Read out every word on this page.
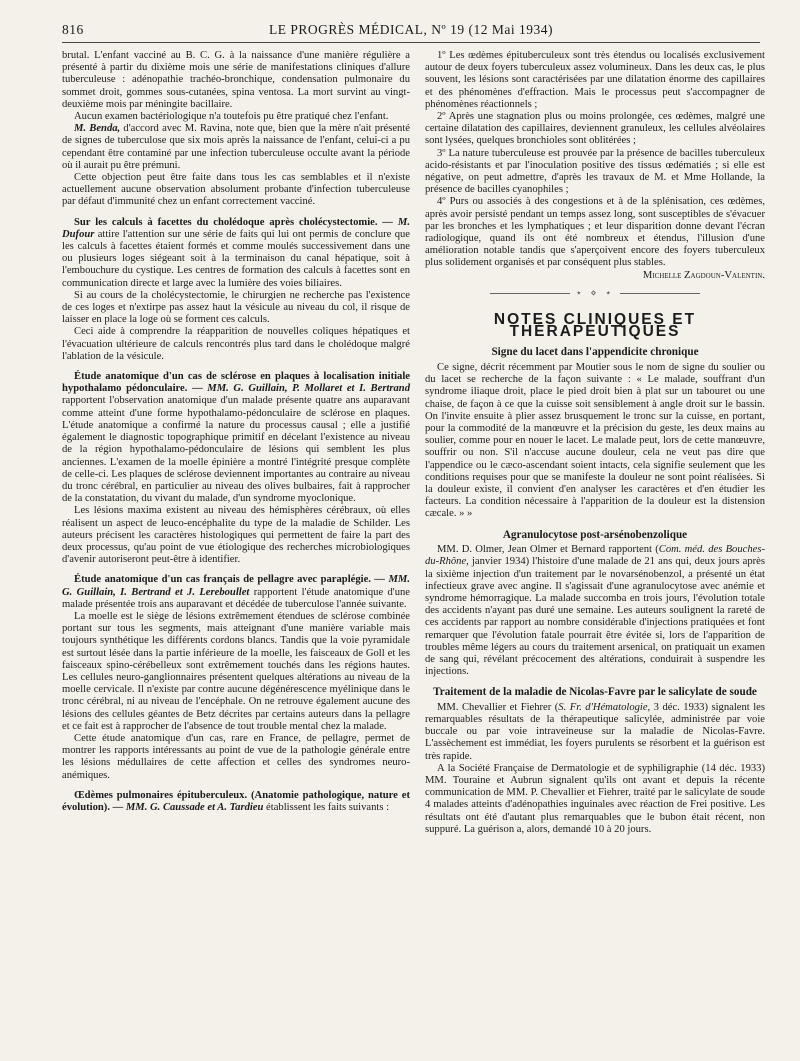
816	LE PROGRÈS MÉDICAL, Nº 19 (12 Mai 1934)

brutal. L'enfant vacciné au B. C. G. à la naissance d'une manière régulière a présenté à partir du dixième mois une série de manifestations cliniques d'allure tuberculeuse : adénopathie trachéo-bronchique, condensation pulmonaire du sommet droit, gommes sous-cutanées, spina ventosa. La mort survint au vingt-deuxième mois par méningite bacillaire.

Aucun examen bactériologique n'a toutefois pu être pratiqué chez l'enfant.

M. Benda, d'accord avec M. Ravina, note que, bien que la mère n'ait présenté de signes de tuberculose que six mois après la naissance de l'enfant, celui-ci a pu cependant être contaminé par une infection tuberculeuse occulte avant la période où il aurait pu être prémuni.

Cette objection peut être faite dans tous les cas semblables et il n'existe actuellement aucune observation absolument probante d'infection tuberculeuse par défaut d'immunité chez un enfant correctement vacciné.

Sur les calculs à facettes du cholédoque après cholécystectomie. — M. Dufour attire l'attention sur une série de faits qui lui ont permis de conclure que les calculs à facettes étaient formés et comme moulés successivement dans une ou plusieurs loges siégeant soit à la terminaison du canal hépatique, soit à l'embouchure du cystique. Les centres de formation des calculs à facettes sont en communication directe et large avec la lumière des voies biliaires.

Si au cours de la cholécystectomie, le chirurgien ne recherche pas l'existence de ces loges et n'extirpe pas assez haut la vésicule au niveau du col, il risque de laisser en place la loge où se forment ces calculs.

Ceci aide à comprendre la réapparition de nouvelles coliques hépatiques et l'évacuation ultérieure de calculs rencontrés plus tard dans le cholédoque malgré l'ablation de la vésicule.

Étude anatomique d'un cas de sclérose en plaques à localisation initiale hypothalamo pédonculaire. — MM. G. Guillain, P. Mollaret et I. Bertrand rapportent l'observation anatomique d'un malade présente quatre ans auparavant comme atteint d'une forme hypothalamo-pédonculaire de sclérose en plaques. L'étude anatomique a confirmé la nature du processus causal ; elle a justifié également le diagnostic topographique primitif en décelant l'existence au niveau de la région hypothalamo-pédonculaire de lésions qui semblent les plus anciennes. L'examen de la moelle épinière a montré l'intégrité presque complète de celle-ci. Les plaques de sclérose deviennent importantes au contraire au niveau du tronc cérébral, en particulier au niveau des olives bulbaires, fait à rapprocher de la constatation, du vivant du malade, d'un syndrome myoclonique.

Les lésions maxima existent au niveau des hémisphères cérébraux, où elles réalisent un aspect de leuco-encéphalite du type de la maladie de Schilder. Les auteurs précisent les caractères histologiques qui permettent de faire la part des deux processus, qu'au point de vue étiologique des recherches microbiologiques d'avenir autoriseront peut-être à identifier.

Étude anatomique d'un cas français de pellagre avec paraplégie. — MM. G. Guillain, I. Bertrand et J. Lereboullet rapportent l'étude anatomique d'une malade présentée trois ans auparavant et décédée de tuberculose l'année suivante.

La moelle est le siège de lésions extrêmement étendues de sclérose combinée portant sur tous les segments, mais atteignant d'une manière variable mais toujours synthétique les différents cordons blancs. Tandis que la voie pyramidale est surtout lésée dans la partie inférieure de la moelle, les faisceaux de Goll et les faisceaux spino-cérébelleux sont extrêmement touchés dans les régions hautes. Les cellules neuro-ganglionnaires présentent quelques altérations au niveau de la moelle cervicale. Il n'existe par contre aucune dégénérescence myélinique dans le tronc cérébral, ni au niveau de l'encéphale. On ne retrouve également aucune des lésions des cellules géantes de Betz décrites par certains auteurs dans la pellagre et ce fait est à rapprocher de l'absence de tout trouble mental chez la malade.

Cette étude anatomique d'un cas, rare en France, de pellagre, permet de montrer les rapports intéressants au point de vue de la pathologie générale entre les lésions médullaires de cette affection et celles des syndromes neuro-anémiques.

Œdèmes pulmonaires épituberculeux. (Anatomie pathologique, nature et évolution). — MM. G. Caussade et A. Tardieu établissent les faits suivants :

1º Les œdèmes épituberculeux sont très étendus ou localisés exclusivement autour de deux foyers tuberculeux assez volumineux. Dans les deux cas, le plus souvent, les lésions sont caractérisées par une dilatation énorme des capillaires et des phénomènes d'effraction. Mais le processus peut s'accompagner de phénomènes réactionnels ;

2º Après une stagnation plus ou moins prolongée, ces œdèmes, malgré une certaine dilatation des capillaires, deviennent granuleux, les cellules alvéolaires sont lysées, quelques bronchioles sont oblitérées ;

3º La nature tuberculeuse est prouvée par la présence de bacilles tuberculeux acido-résistants et par l'inoculation positive des tissus œdématiés ; si elle est négative, on peut admettre, d'après les travaux de M. et Mme Hollande, la présence de bacilles cyanophiles ;

4º Purs ou associés à des congestions et à de la splénisation, ces œdèmes, après avoir persisté pendant un temps assez long, sont susceptibles de s'évacuer par les bronches et les lymphatiques ; et leur disparition donne devant l'écran radiologique, quand ils ont été nombreux et étendus, l'illusion d'une amélioration notable tandis que s'aperçoivent encore des foyers tuberculeux plus solidement organisés et par conséquent plus stables.

Michelle Zagdoun-Valentin.

⋆ ⋄ ⋆
NOTES CLINIQUES ET THÉRAPEUTIQUES
Signe du lacet dans l'appendicite chronique

Ce signe, décrit récemment par Moutier sous le nom de signe du soulier ou du lacet se recherche de la façon suivante : « Le malade, souffrant d'un syndrome iliaque droit, place le pied droit bien à plat sur un tabouret ou une chaise, de façon à ce que la cuisse soit sensiblement à angle droit sur le bassin. On l'invite ensuite à plier assez brusquement le tronc sur la cuisse, en portant, pour la commodité de la manœuvre et la précision du geste, les deux mains au soulier, comme pour en nouer le lacet. Le malade peut, lors de cette manœuvre, souffrir ou non. S'il n'accuse aucune douleur, cela ne veut pas dire que l'appendice ou le cæco-ascendant soient intacts, cela signifie seulement que les conditions requises pour que se manifeste la douleur ne sont point réalisées. Si la douleur existe, il convient d'en analyser les caractères et d'en étudier les facteurs. La condition nécessaire à l'apparition de la douleur est la distension cæcale. » »

Agranulocytose post-arsénobenzolique

MM. D. Olmer, Jean Olmer et Bernard rapportent (Com. méd. des Bouches-du-Rhône, janvier 1934) l'histoire d'une malade de 21 ans qui, deux jours après la sixième injection d'un traitement par le novarsénobenzol, a présenté un état infectieux grave avec angine. Il s'agissait d'une agranulocytose avec anémie et syndrome hémorragique. La malade succomba en trois jours, l'évolution totale des accidents n'ayant pas duré une semaine. Les auteurs soulignent la rareté de ces accidents par rapport au nombre considérable d'injections pratiquées et font remarquer que l'évolution fatale pourrait être évitée si, lors de l'apparition de troubles même légers au cours du traitement arsenical, on pratiquait un examen de sang qui, révélant précocement des altérations, conduirait à suspendre les injections.

Traitement de la maladie de Nicolas-Favre par le salicylate de soude

MM. Chevallier et Fiehrer (S. Fr. d'Hématologie, 3 déc. 1933) signalent les remarquables résultats de la thérapeutique salicylée, administrée par voie buccale ou par voie intraveineuse sur la maladie de Nicolas-Favre. L'assèchement est immédiat, les foyers purulents se résorbent et la guérison est très rapide.

A la Société Française de Dermatologie et de syphiligraphie (14 déc. 1933) MM. Touraine et Aubrun signalent qu'ils ont avant et depuis la récente communication de MM. P. Chevallier et Fiehrer, traité par le salicylate de soude 4 malades atteints d'adénopathies inguinales avec réaction de Frei positive. Les résultats ont été d'autant plus remarquables que le bubon était récent, non suppuré. La guérison a, alors, demandé 10 à 20 jours.
